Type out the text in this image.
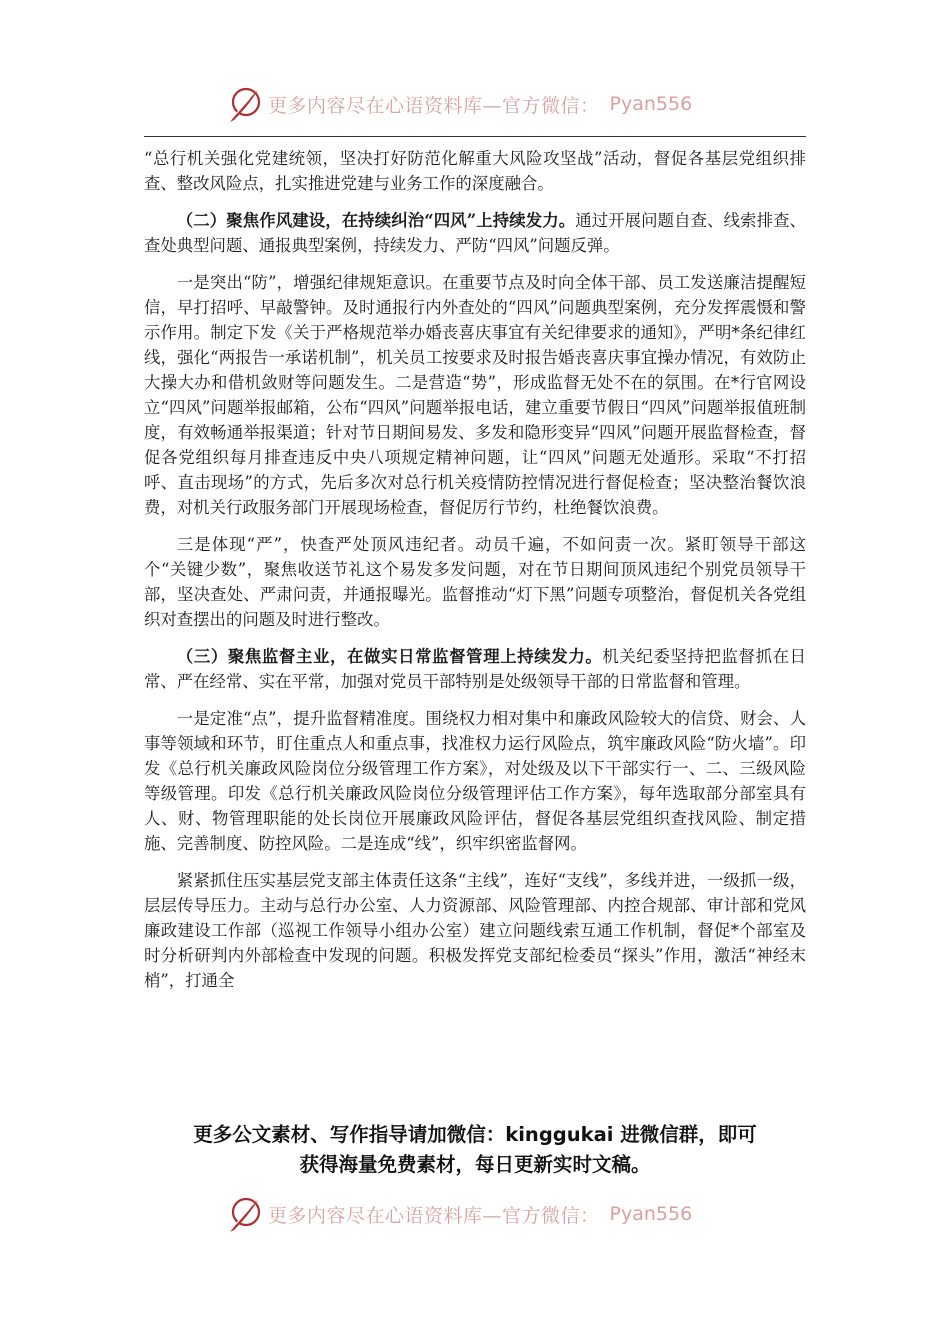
更多内容尽在心语资料库—官方微信： Pyan556

“总行机关强化党建统领，坚决打好防范化解重大风险攻坚战”活动，督促各基层党组织排查、整改风险点，扎实推进党建与业务工作的深度融合。

（二）聚焦作风建设，在持续纠治“四风”上持续发力。通过开展问题自查、线索排查、查处典型问题、通报典型案例，持续发力、严防“四风”问题反弹。

一是突出“防”，增强纪律规矩意识。在重要节点及时向全体干部、员工发送廉洁提醒短信，早打招呼、早敲警钟。及时通报行内外查处的“四风”问题典型案例，充分发挥震慑和警示作用。制定下发《关于严格规范举办婚丧喜庆事宜有关纪律要求的通知》，严明*条纪律红线，强化“两报告一承诺机制”，机关员工按要求及时报告婚丧喜庆事宜操办情况，有效防止大操大办和借机敛财等问题发生。二是营造“势”，形成监督无处不在的氛围。在*行官网设立“四风”问题举报邮箱，公布“四风”问题举报电话，建立重要节假日“四风”问题举报值班制度，有效畅通举报渠道；针对节日期间易发、多发和隐形变异“四风”问题开展监督检查，督促各党组织每月排查违反中央八项规定精神问题，让“四风”问题无处遁形。采取“不打招呼、直击现场”的方式，先后多次对总行机关疫情防控情况进行督促检查；坚决整治餐饮浪费，对机关行政服务部门开展现场检查，督促厉行节约，杜绝餐饮浪费。

三是体现“严”，快查严处顶风违纪者。动员千遍，不如问责一次。紧盯领导干部这个“关键少数”，聚焦收送节礼这个易发多发问题，对在节日期间顶风违纪个别党员领导干部，坚决查处、严肃问责，并通报曝光。监督推动“灯下黑”问题专项整治，督促机关各党组织对查摆出的问题及时进行整改。

（三）聚焦监督主业，在做实日常监督管理上持续发力。机关纪委坚持把监督抓在日常、严在经常、实在平常，加强对党员干部特别是处级领导干部的日常监督和管理。

一是定准“点”，提升监督精准度。围绕权力相对集中和廉政风险较大的信贷、财会、人事等领域和环节，盯住重点人和重点事，找准权力运行风险点，筑牢廉政风险“防火墙”。印发《总行机关廉政风险岗位分级管理工作方案》，对处级及以下干部实行一、二、三级风险等级管理。印发《总行机关廉政风险岗位分级管理评估工作方案》，每年选取部分部室具有人、财、物管理职能的处长岗位开展廉政风险评估，督促各基层党组织查找风险、制定措施、完善制度、防控风险。二是连成“线”，织牢织密监督网。

紧紧抓住压实基层党支部主体责任这条“主线”，连好“支线”，多线并进，一级抓一级，层层传导压力。主动与总行办公室、人力资源部、风险管理部、内控合规部、审计部和党风廉政建设工作部（巡视工作领导小组办公室）建立问题线索互通工作机制，督促*个部室及时分析研判内外部检查中发现的问题。积极发挥党支部纪检委员“探头”作用，激活“神经末梢”，打通全

更多公文素材、写作指导请加微信：kinggukai 进微信群，即可
获得海量免费素材，每日更新实时文稿。
更多内容尽在心语资料库—官方微信： Pyan556
